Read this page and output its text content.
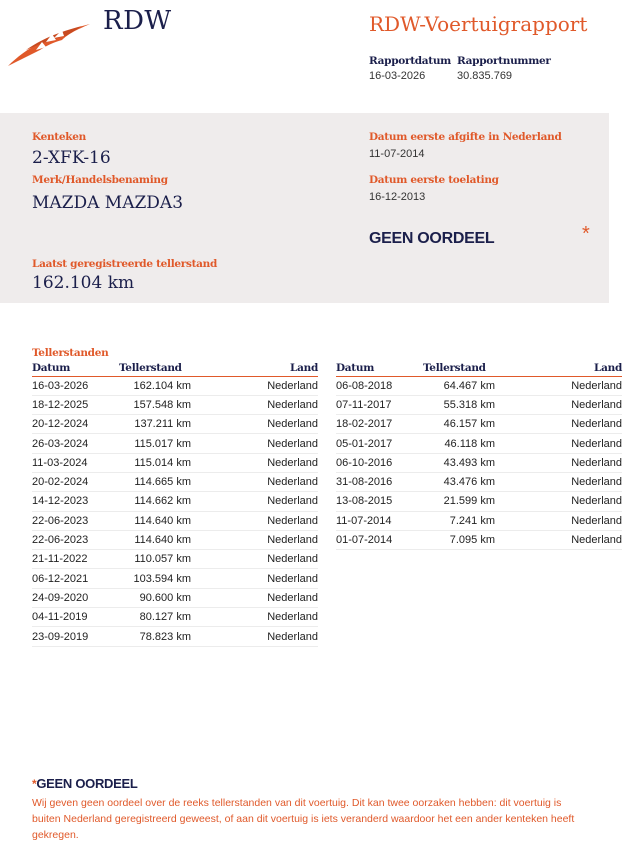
RDW	RDW-Voertuigrapport
Rapportdatum
16-03-2026
Rapportnummer
30.835.769
Kenteken
2-XFK-16
Merk/Handelsbenaming
MAZDA MAZDA3
Laatst geregistreerde tellerstand
162.104 km
Datum eerste afgifte in Nederland
11-07-2014
Datum eerste toelating
16-12-2013
GEEN OORDEEL	*
Tellerstanden
Datum	Tellerstand	Land
16-03-2026	162.104 km	Nederland
18-12-2025	157.548 km	Nederland
20-12-2024	137.211 km	Nederland
26-03-2024	115.017 km	Nederland
11-03-2024	115.014 km	Nederland
20-02-2024	114.665 km	Nederland
14-12-2023	114.662 km	Nederland
22-06-2023	114.640 km	Nederland
22-06-2023	114.640 km	Nederland
21-11-2022	110.057 km	Nederland
06-12-2021	103.594 km	Nederland
24-09-2020	90.600 km	Nederland
04-11-2019	80.127 km	Nederland
23-09-2019	78.823 km	Nederland
Datum	Tellerstand	Land
06-08-2018	64.467 km	Nederland
07-11-2017	55.318 km	Nederland
18-02-2017	46.157 km	Nederland
05-01-2017	46.118 km	Nederland
06-10-2016	43.493 km	Nederland
31-08-2016	43.476 km	Nederland
13-08-2015	21.599 km	Nederland
11-07-2014	7.241 km	Nederland
01-07-2014	7.095 km	Nederland
*GEEN OORDEEL
Wij geven geen oordeel over de reeks tellerstanden van dit voertuig. Dit kan twee oorzaken hebben: dit voertuig is buiten Nederland geregistreerd geweest, of aan dit voertuig is iets veranderd waardoor het een ander kenteken heeft gekregen.
